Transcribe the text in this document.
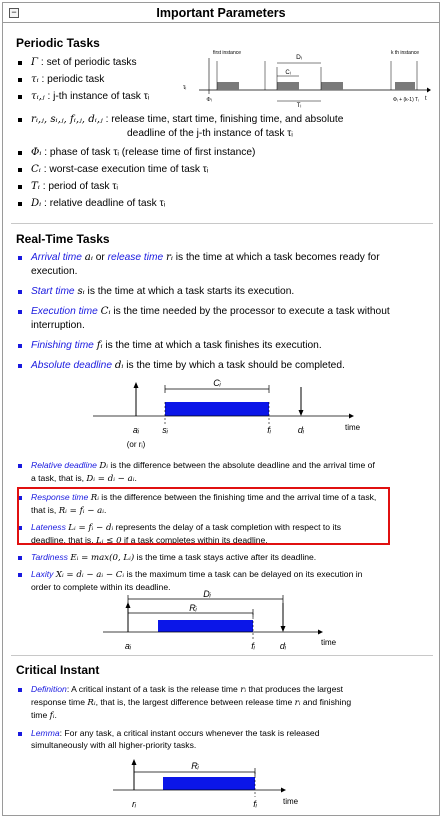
−	Important Parameters
Periodic Tasks
first instance	k th instance
τᵢ
Dᵢ
Cᵢ
Tᵢ
Φᵢ	Φᵢ + (k-1) Tᵢ t
Γ : set of periodic tasks
τᵢ : periodic task
τᵢ,ⱼ : j-th instance of task τᵢ
rᵢ,ⱼ, sᵢ,ⱼ, fᵢ,ⱼ, dᵢ,ⱼ : release time, start time, finishing time, and absolute
deadline of the j-th instance of task τᵢ
Φᵢ : phase of task τᵢ (release time of first instance)
Cᵢ : worst-case execution time of task τᵢ
Tᵢ : period of task τᵢ
Dᵢ : relative deadline of task τᵢ
Real-Time Tasks
Arrival time aᵢ or release time rᵢ is the time at which a task becomes ready for execution.
Start time sᵢ is the time at which a task starts its execution.
Execution time Cᵢ is the time needed by the processor to execute a task without interruption.
Finishing time fᵢ is the time at which a task finishes its execution.
Absolute deadline dᵢ is the time by which a task should be completed.
Cᵢ
time
aᵢ	sᵢ	fᵢ	dᵢ
(or rᵢ)
Relative deadline Dᵢ is the difference between the absolute deadline and the arrival time of a task, that is, Dᵢ = dᵢ − aᵢ.
Response time Rᵢ is the difference between the finishing time and the arrival time of a task, that is, Rᵢ = fᵢ − aᵢ.
Lateness Lᵢ = fᵢ − dᵢ represents the delay of a task completion with respect to its deadline, that is, Lᵢ ≤ 0 if a task completes within its deadline.
Tardiness Eᵢ = max(0, Lᵢ) is the time a task stays active after its deadline.
Laxity Xᵢ = dᵢ − aᵢ − Cᵢ is the maximum time a task can be delayed on its execution in order to complete within its deadline.
Dᵢ
Rᵢ
time
aᵢ	fᵢ	dᵢ
Critical Instant
Definition: A critical instant of a task is the release time rᵢ that produces the largest response time Rᵢ, that is, the largest difference between release time rᵢ and finishing time fᵢ.
Lemma: For any task, a critical instant occurs whenever the task is released simultaneously with all higher-priority tasks.
Rᵢ
time
rᵢ	fᵢ
